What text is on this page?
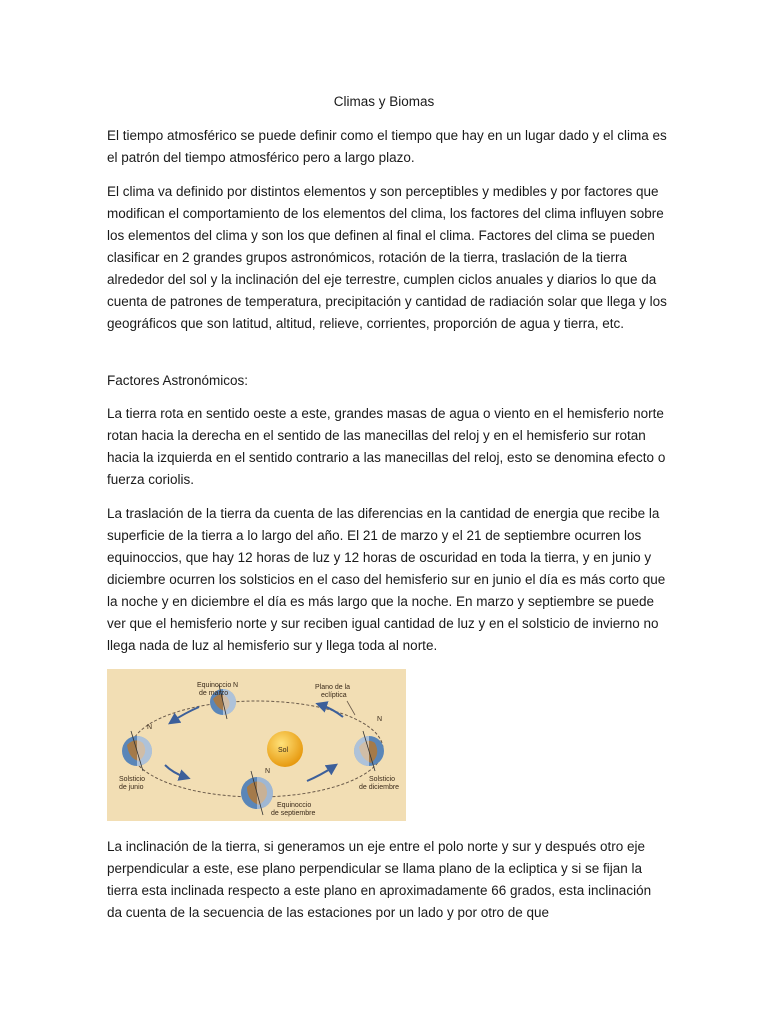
Climas y Biomas

El tiempo atmosférico se puede definir como el tiempo que hay en un lugar dado y el clima es el patrón del tiempo atmosférico pero a largo plazo.

El clima va definido por distintos elementos y son perceptibles y medibles y por factores que modifican el comportamiento de los elementos del clima, los factores del clima influyen sobre los elementos del clima y son los que definen al final el clima. Factores del clima se pueden clasificar en 2 grandes grupos astronómicos, rotación de la tierra, traslación de la tierra alrededor del sol y la inclinación del eje terrestre, cumplen ciclos anuales y diarios lo que da cuenta de patrones de temperatura, precipitación y cantidad de radiación solar que llega y los geográficos que son latitud, altitud, relieve, corrientes, proporción de agua y tierra, etc.

Factores Astronómicos:

La tierra rota en sentido oeste a este, grandes masas de agua o viento en el hemisferio norte rotan hacia la derecha en el sentido de las manecillas del reloj y en el hemisferio sur rotan hacia la izquierda en el sentido contrario a las manecillas del reloj, esto se denomina efecto o fuerza coriolis.

La traslación de la tierra da cuenta de las diferencias en la cantidad de energia que recibe la superficie de la tierra a lo largo del año. El 21 de marzo y el 21 de septiembre ocurren los equinoccios, que hay 12 horas de luz y 12 horas de oscuridad en toda la tierra, y en junio y diciembre ocurren los solsticios en el caso del hemisferio sur en junio el día es más corto que la noche y en diciembre el día es más largo que la noche. En marzo y septiembre se puede ver que el hemisferio norte y sur reciben igual cantidad de luz y en el solsticio de invierno no llega nada de luz al hemisferio sur y llega toda al norte.

Sol
N
Equinoccio
de marzo
N
Solsticio
de junio
N
Plano de la
eclíptica
Solsticio
de diciembre
N
Equinoccio
de septiembre

La inclinación de la tierra, si generamos un eje entre el polo norte y sur y después otro eje perpendicular a este, ese plano perpendicular se llama plano de la ecliptica y si se fijan la tierra esta inclinada respecto a este plano en aproximadamente 66 grados, esta inclinación da cuenta de la secuencia de las estaciones por un lado y por otro de que
